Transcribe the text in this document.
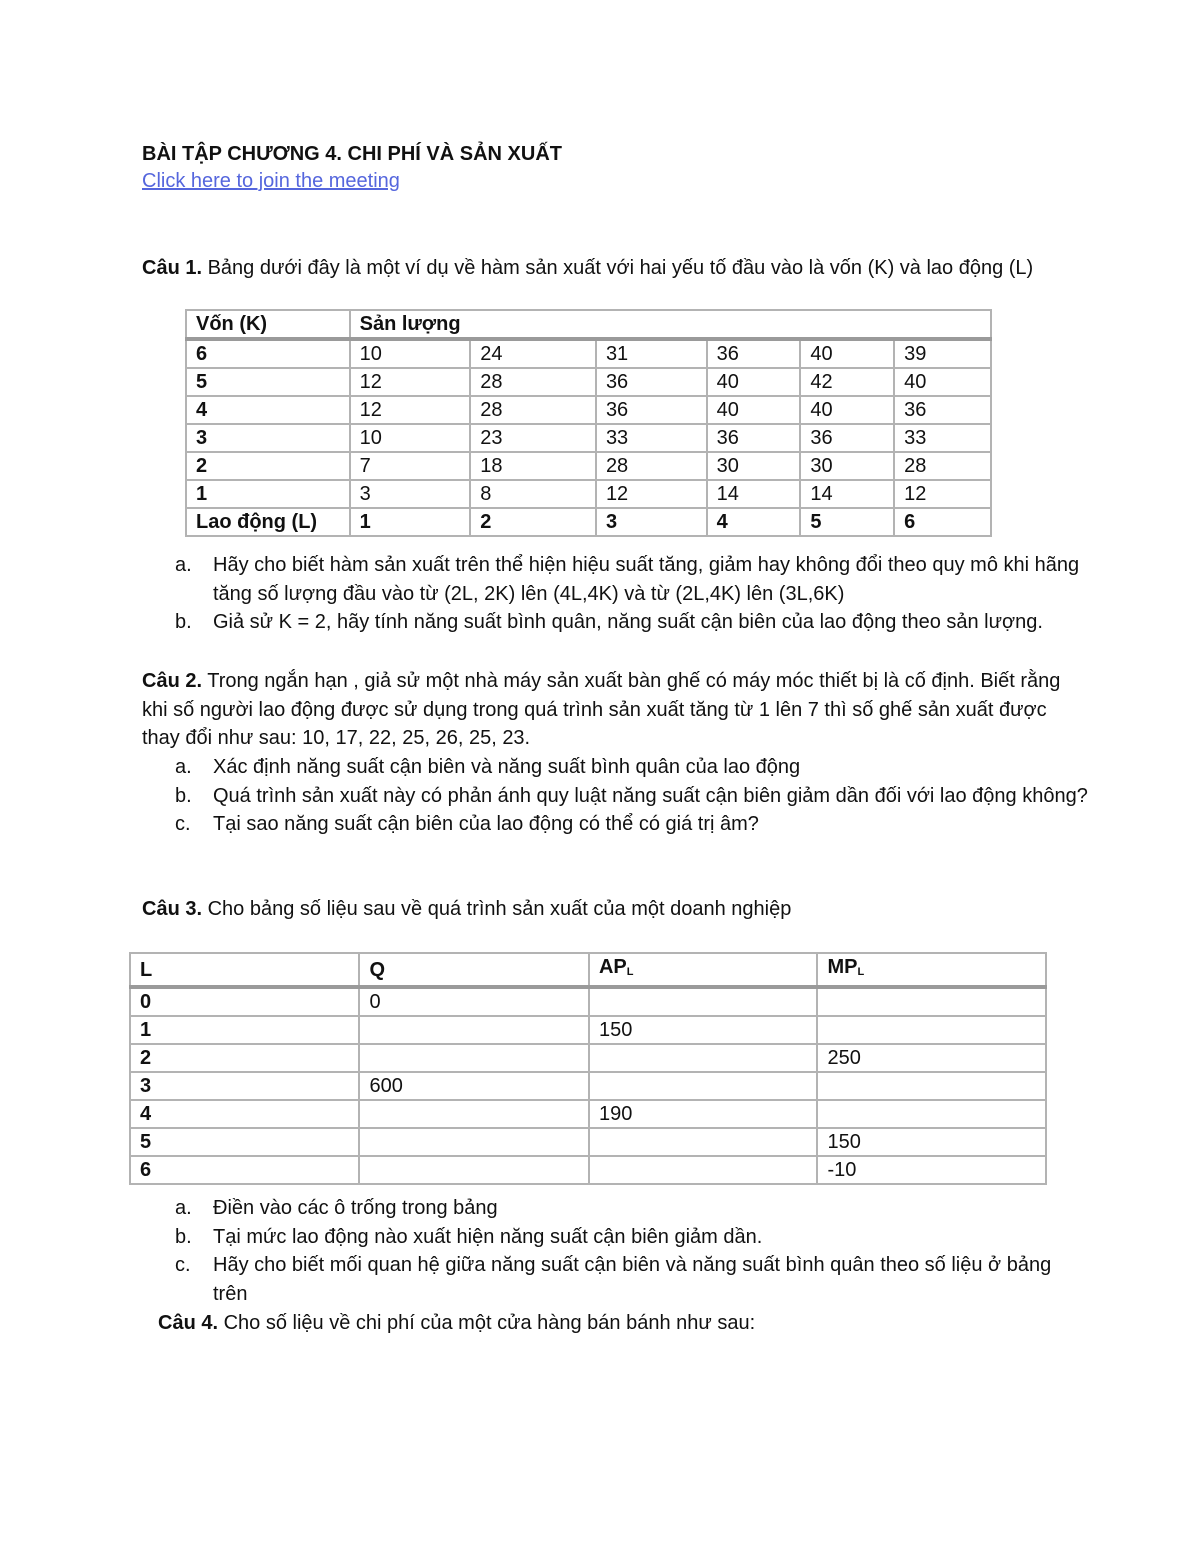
BÀI TẬP CHƯƠNG 4. CHI PHÍ VÀ SẢN XUẤT
Click here to join the meeting
Câu 1. Bảng dưới đây là một ví dụ về hàm sản xuất với hai yếu tố đầu vào là vốn (K) và lao động (L)
Vốn (K)	Sản lượng					
6	10	24	31	36	40	39
5	12	28	36	40	42	40
4	12	28	36	40	40	36
3	10	23	33	36	36	33
2	7	18	28	30	30	28
1	3	8	12	14	14	12
Lao động (L)	1	2	3	4	5	6
a. Hãy cho biết hàm sản xuất trên thể hiện hiệu suất tăng, giảm hay không đổi theo quy mô khi hãng tăng số lượng đầu vào từ (2L, 2K) lên (4L,4K) và từ (2L,4K) lên (3L,6K)
b. Giả sử K = 2, hãy tính năng suất bình quân, năng suất cận biên của lao động theo sản lượng.
Câu 2. Trong ngắn hạn , giả sử một nhà máy sản xuất bàn ghế có máy móc thiết bị là cố định. Biết rằng khi số người lao động được sử dụng trong quá trình sản xuất tăng từ 1 lên 7 thì số ghế sản xuất được thay đổi như sau: 10, 17, 22, 25, 26, 25, 23.
a. Xác định năng suất cận biên và năng suất bình quân của lao động
b. Quá trình sản xuất này có phản ánh quy luật năng suất cận biên giảm dần đối với lao động không?
c. Tại sao năng suất cận biên của lao động có thể có giá trị âm?
Câu 3. Cho bảng số liệu sau về quá trình sản xuất của một doanh nghiệp
L	Q	$AP_L$	$MP_L$
0	0		
1		150	
2			250
3	600		
4		190	
5			150
6			-10
a. Điền vào các ô trống trong bảng
b. Tại mức lao động nào xuất hiện năng suất cận biên giảm dần.
c. Hãy cho biết mối quan hệ giữa năng suất cận biên và năng suất bình quân theo số liệu ở bảng trên
Câu 4. Cho số liệu về chi phí của một cửa hàng bán bánh như sau:
